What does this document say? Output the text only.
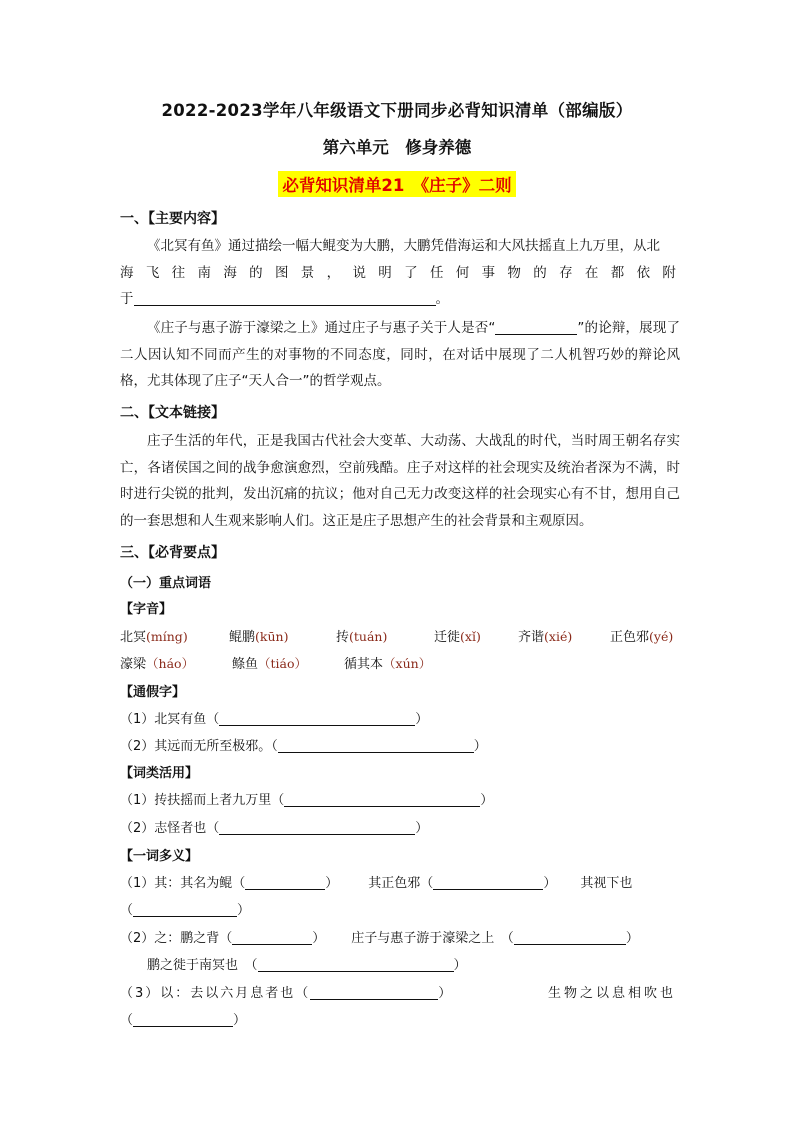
2022-2023学年八年级语文下册同步必背知识清单（部编版）
第六单元　修身养德
必背知识清单21　《庄子》二则
一、【主要内容】
《北冥有鱼》通过描绘一幅大鲲变为大鹏，大鹏凭借海运和大风扶摇直上九万里，从北
海 飞 往 南 海 的 图 景 ， 说 明 了 任 何 事 物 的 存 在 都 依 附
于	。
《庄子与惠子游于濠梁之上》通过庄子与惠子关于人是否“	”的论辩，展现了二人因认知不同而产生的对事物的不同态度，同时，在对话中展现了二人机智巧妙的辩论风格，尤其体现了庄子“天人合一”的哲学观点。
二、【文本链接】
庄子生活的年代，正是我国古代社会大变革、大动荡、大战乱的时代，当时周王朝名存实亡，各诸侯国之间的战争愈演愈烈，空前残酷。庄子对这样的社会现实及统治者深为不满，时时进行尖锐的批判，发出沉痛的抗议；他对自己无力改变这样的社会现实心有不甘，想用自己的一套思想和人生观来影响人们。这正是庄子思想产生的社会背景和主观原因。
三、【必背要点】
（一）重点词语
【字音】
北冥(míng)	鲲鹏(kūn)	抟(tuán)	迁徙(xǐ)	齐谐(xié)	正色邪(yé)
濠梁（háo）	鲦鱼（tiáo）	循其本（xún）
【通假字】
（1）北冥有鱼（	）
（2）其远而无所至极邪。（	）
【词类活用】
（1）抟扶摇而上者九万里（	）
（2）志怪者也（	）
【一词多义】
（1）其：其名为鲲（	） 其正色邪（	） 其视下也
（	）
（2）之：鹏之背（	） 庄子与惠子游于濠梁之上　（	）
鹏之徙于南冥也　（	）
（3）以：去以六月息者也（	）	生物之以息相吹也
（	）
